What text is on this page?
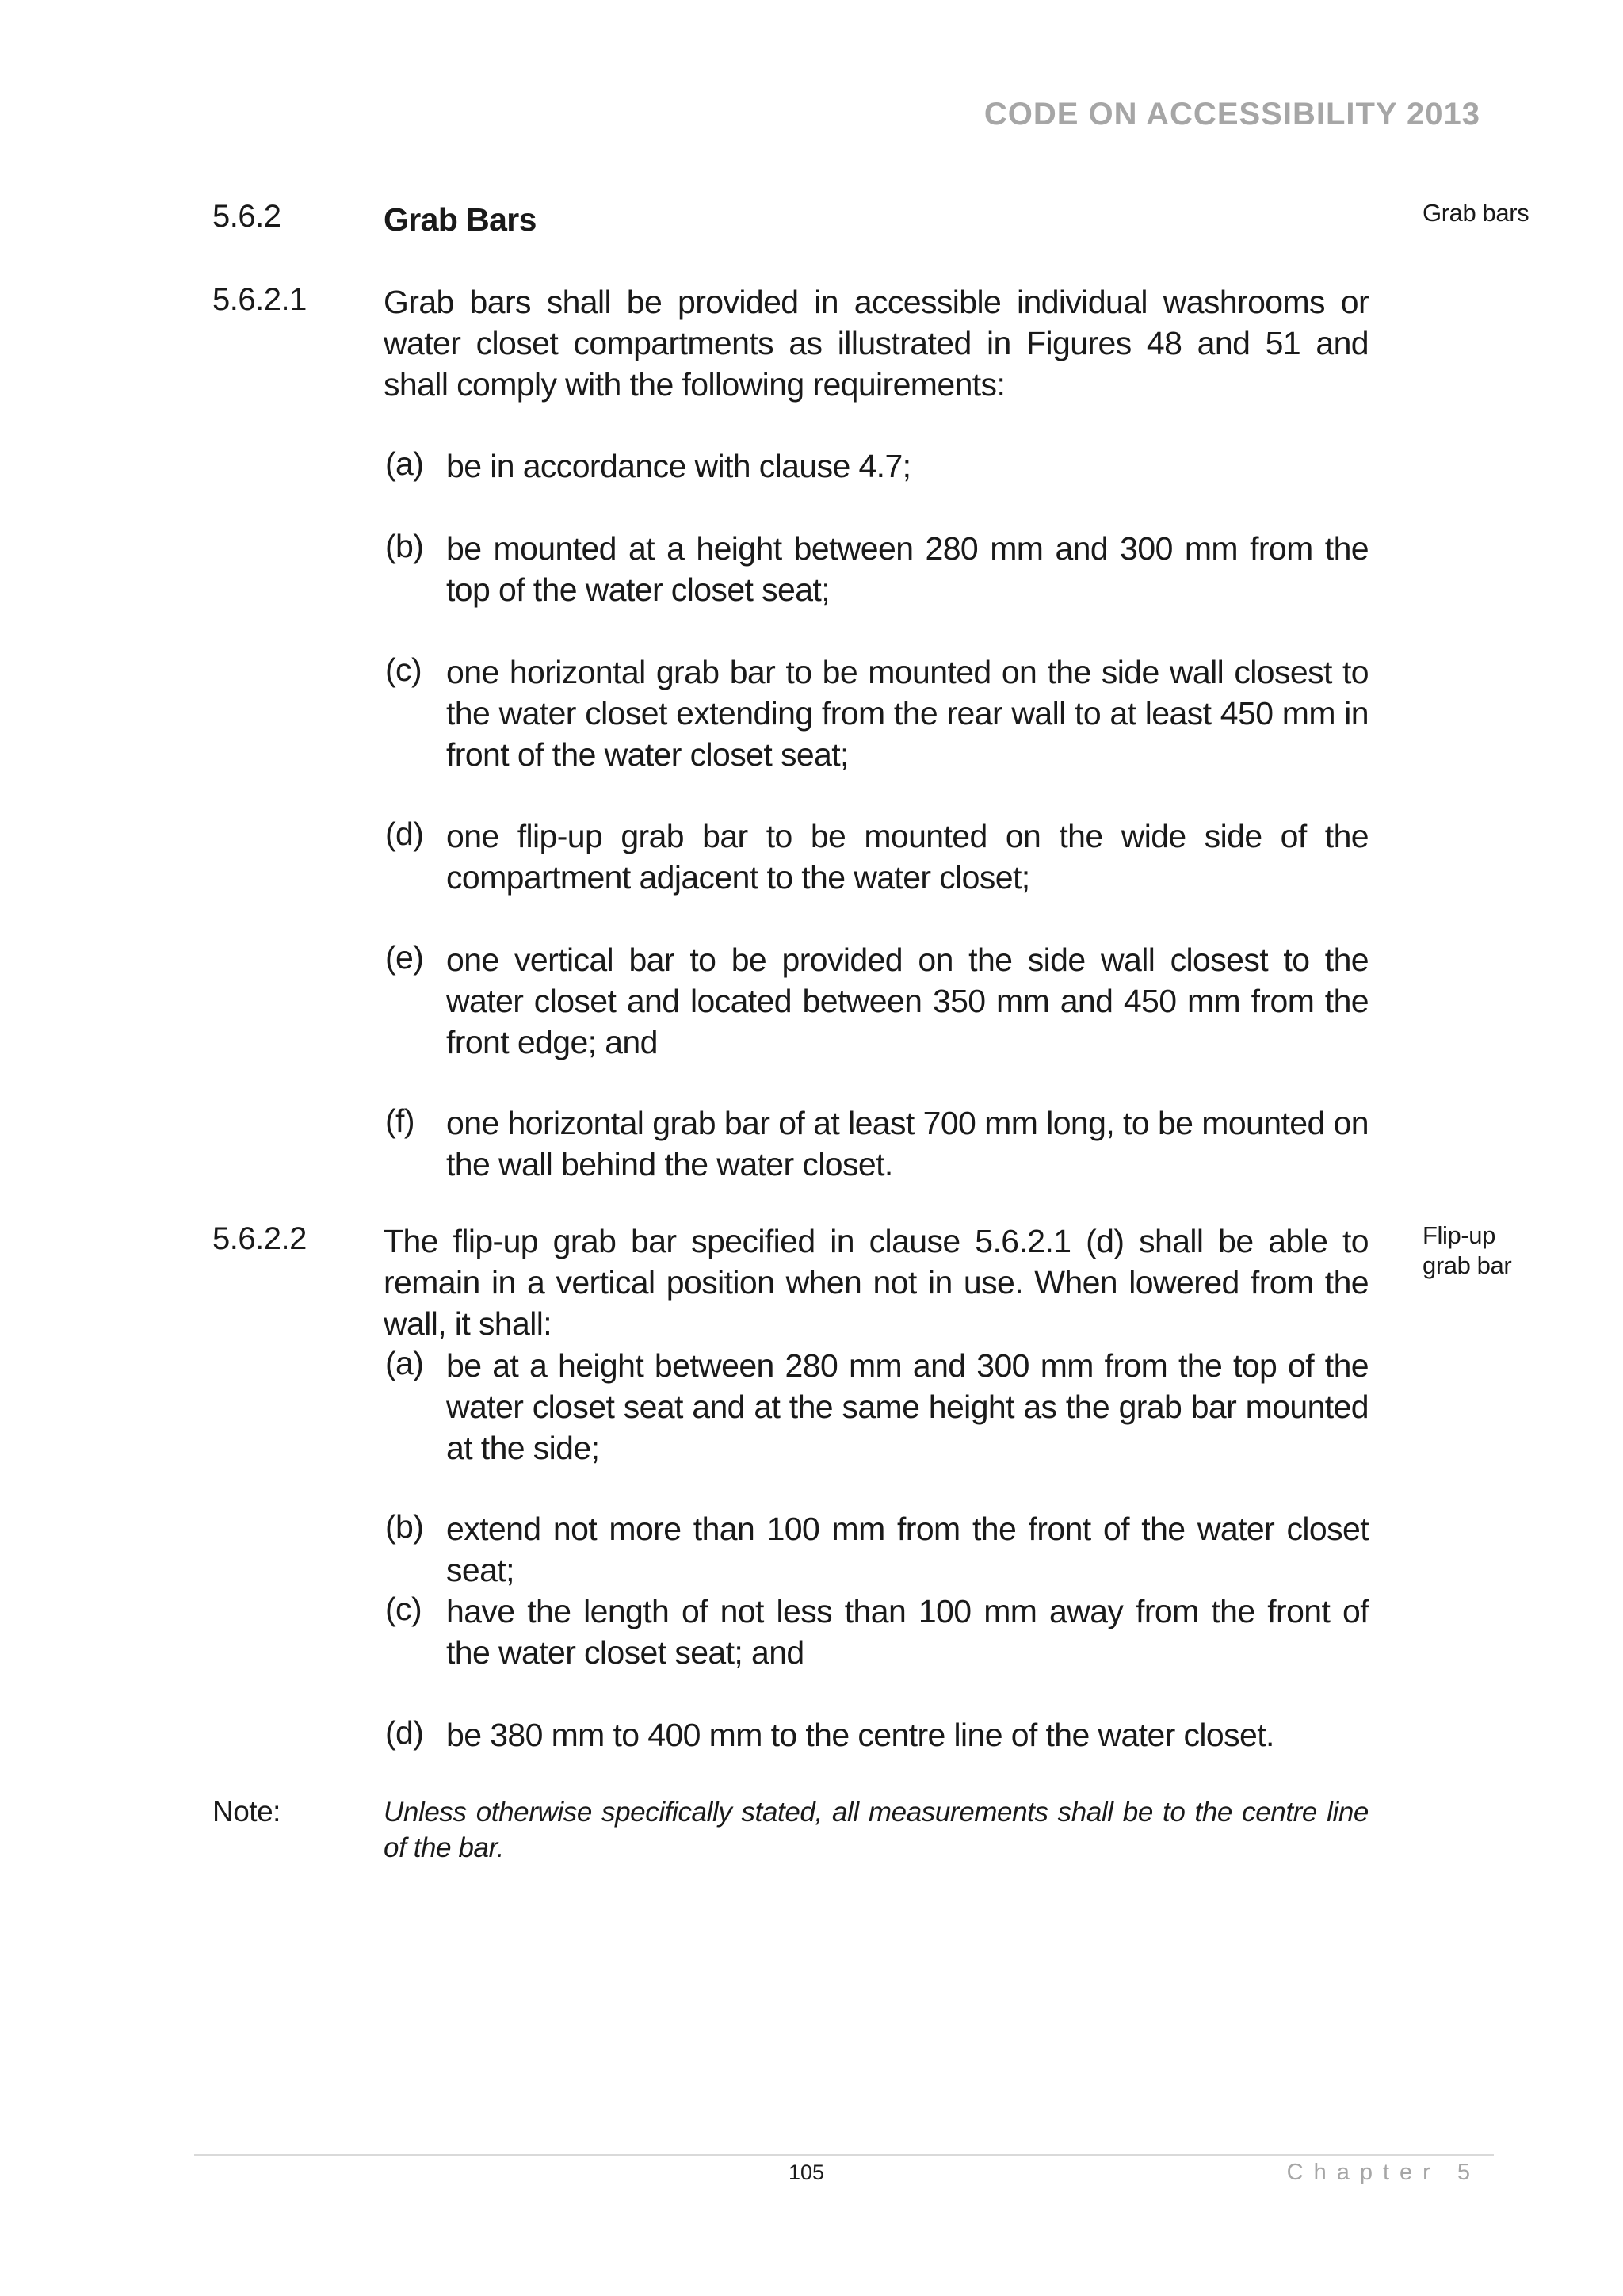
CODE ON ACCESSIBILITY 2013
5.6.2	Grab Bars	Grab bars
5.6.2.1 Grab bars shall be provided in accessible individual washrooms or water closet compartments as illustrated in Figures 48 and 51 and shall comply with the following requirements:
(a) be in accordance with clause 4.7;
(b) be mounted at a height between 280 mm and 300 mm from the top of the water closet seat;
(c) one horizontal grab bar to be mounted on the side wall closest to the water closet extending from the rear wall to at least 450 mm in front of the water closet seat;
(d) one flip-up grab bar to be mounted on the wide side of the compartment adjacent to the water closet;
(e) one vertical bar to be provided on the side wall closest to the water closet and located between 350 mm and 450 mm from the front edge; and
(f) one horizontal grab bar of at least 700 mm long, to be mounted on the wall behind the water closet.
5.6.2.2 The flip-up grab bar specified in clause 5.6.2.1 (d) shall be able to remain in a vertical position when not in use. When lowered from the wall, it shall:
Flip-up grab bar
(a) be at a height between 280 mm and 300 mm from the top of the water closet seat and at the same height as the grab bar mounted at the side;
(b) extend not more than 100 mm from the front of the water closet seat;
(c) have the length of not less than 100 mm away from the front of the water closet seat; and
(d) be 380 mm to 400 mm to the centre line of the water closet.
Note:	Unless otherwise specifically stated, all measurements shall be to the centre line of the bar.
105	Chapter 5
